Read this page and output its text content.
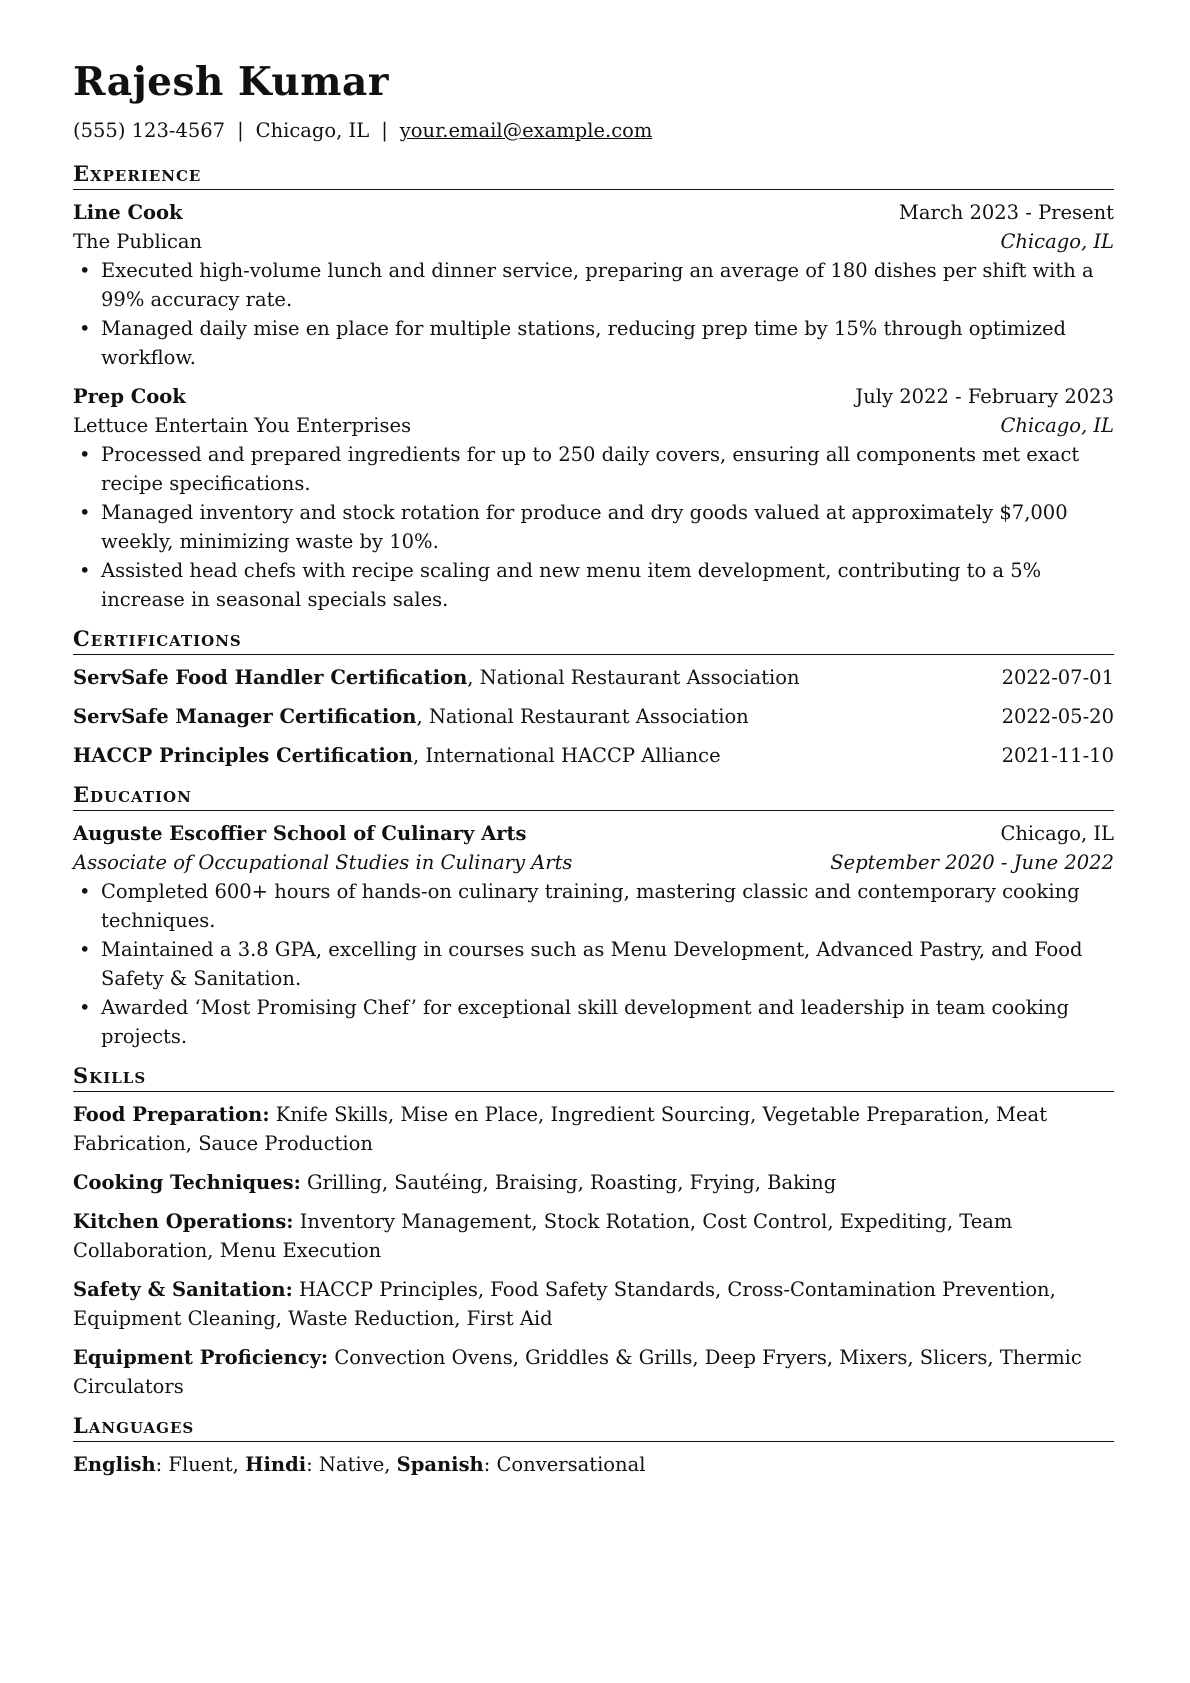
Rajesh Kumar
(555) 123-4567 | Chicago, IL | your.email@example.com
Experience
Line Cook	March 2023 - Present
The Publican	Chicago, IL
• Executed high-volume lunch and dinner service, preparing an average of 180 dishes per shift with a 99% accuracy rate.
• Managed daily mise en place for multiple stations, reducing prep time by 15% through optimized workflow.
Prep Cook	July 2022 - February 2023
Lettuce Entertain You Enterprises	Chicago, IL
• Processed and prepared ingredients for up to 250 daily covers, ensuring all components met exact recipe specifications.
• Managed inventory and stock rotation for produce and dry goods valued at approximately $7,000 weekly, minimizing waste by 10%.
• Assisted head chefs with recipe scaling and new menu item development, contributing to a 5% increase in seasonal specials sales.
Certifications
ServSafe Food Handler Certification, National Restaurant Association	2022-07-01
ServSafe Manager Certification, National Restaurant Association	2022-05-20
HACCP Principles Certification, International HACCP Alliance	2021-11-10
Education
Auguste Escoffier School of Culinary Arts	Chicago, IL
Associate of Occupational Studies in Culinary Arts	September 2020 - June 2022
• Completed 600+ hours of hands-on culinary training, mastering classic and contemporary cooking techniques.
• Maintained a 3.8 GPA, excelling in courses such as Menu Development, Advanced Pastry, and Food Safety & Sanitation.
• Awarded ‘Most Promising Chef’ for exceptional skill development and leadership in team cooking projects.
Skills
Food Preparation: Knife Skills, Mise en Place, Ingredient Sourcing, Vegetable Preparation, Meat Fabrication, Sauce Production
Cooking Techniques: Grilling, Sautéing, Braising, Roasting, Frying, Baking
Kitchen Operations: Inventory Management, Stock Rotation, Cost Control, Expediting, Team Collaboration, Menu Execution
Safety & Sanitation: HACCP Principles, Food Safety Standards, Cross-Contamination Prevention, Equipment Cleaning, Waste Reduction, First Aid
Equipment Proficiency: Convection Ovens, Griddles & Grills, Deep Fryers, Mixers, Slicers, Thermic Circulators
Languages
English: Fluent, Hindi: Native, Spanish: Conversational
